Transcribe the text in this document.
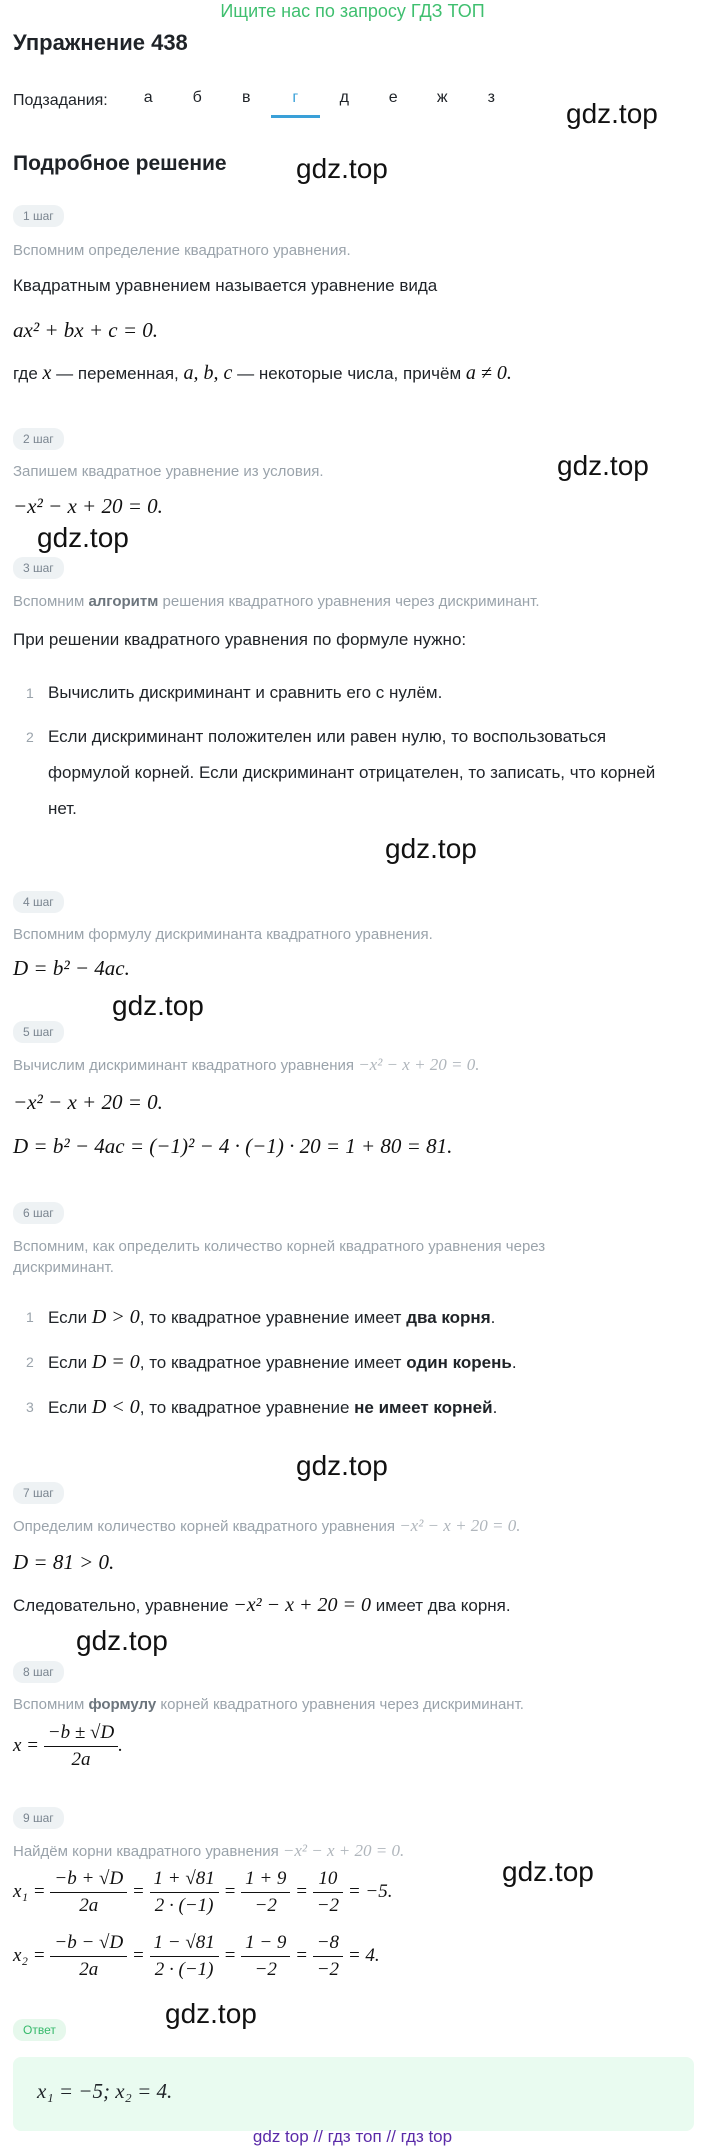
Ищите нас по запросу ГДЗ ТОП
Упражнение 438
Подзадания:	а	б	в	г	д	е	ж	з
Подробное решение
gdz.top
gdz.top
gdz.top
gdz.top
gdz.top
gdz.top
gdz.top
gdz.top
gdz.top
gdz.top
1 шаг
Вспомним определение квадратного уравнения.
Квадратным уравнением называется уравнение вида
ax² + bx + c = 0.
где x — переменная, a, b, c — некоторые числа, причём a ≠ 0.
2 шаг
Запишем квадратное уравнение из условия.
−x² − x + 20 = 0.
3 шаг
Вспомним алгоритм решения квадратного уравнения через дискриминант.
При решении квадратного уравнения по формуле нужно:
1 Вычислить дискриминант и сравнить его с нулём.
2 Если дискриминант положителен или равен нулю, то воспользоваться формулой корней. Если дискриминант отрицателен, то записать, что корней нет.
4 шаг
Вспомним формулу дискриминанта квадратного уравнения.
D = b² − 4ac.
5 шаг
Вычислим дискриминант квадратного уравнения −x² − x + 20 = 0.
−x² − x + 20 = 0.
D = b² − 4ac = (−1)² − 4 · (−1) · 20 = 1 + 80 = 81.
6 шаг
Вспомним, как определить количество корней квадратного уравнения через дискриминант.
1 Если D > 0, то квадратное уравнение имеет два корня.
2 Если D = 0, то квадратное уравнение имеет один корень.
3 Если D < 0, то квадратное уравнение не имеет корней.
7 шаг
Определим количество корней квадратного уравнения −x² − x + 20 = 0.
D = 81 > 0.
Следовательно, уравнение −x² − x + 20 = 0 имеет два корня.
8 шаг
Вспомним формулу корней квадратного уравнения через дискриминант.
$x = \frac{-b \pm √D}{2a}$ .
9 шаг
Найдём корни квадратного уравнения −x² − x + 20 = 0.
$x_1 = \frac{-b + √D}{2a} = \frac{1 + √81}{2 \cdot (-1)} = \frac{1 + 9}{-2} = \frac{10}{-2} = -5$.
$x_2 = \frac{-b - √D}{2a} = \frac{1 - √81}{2 \cdot (-1)} = \frac{1 - 9}{-2} = \frac{-8}{-2} = 4$.
Ответ
x₁ = −5; x₂ = 4.
gdz top // гдз топ // гдз top
